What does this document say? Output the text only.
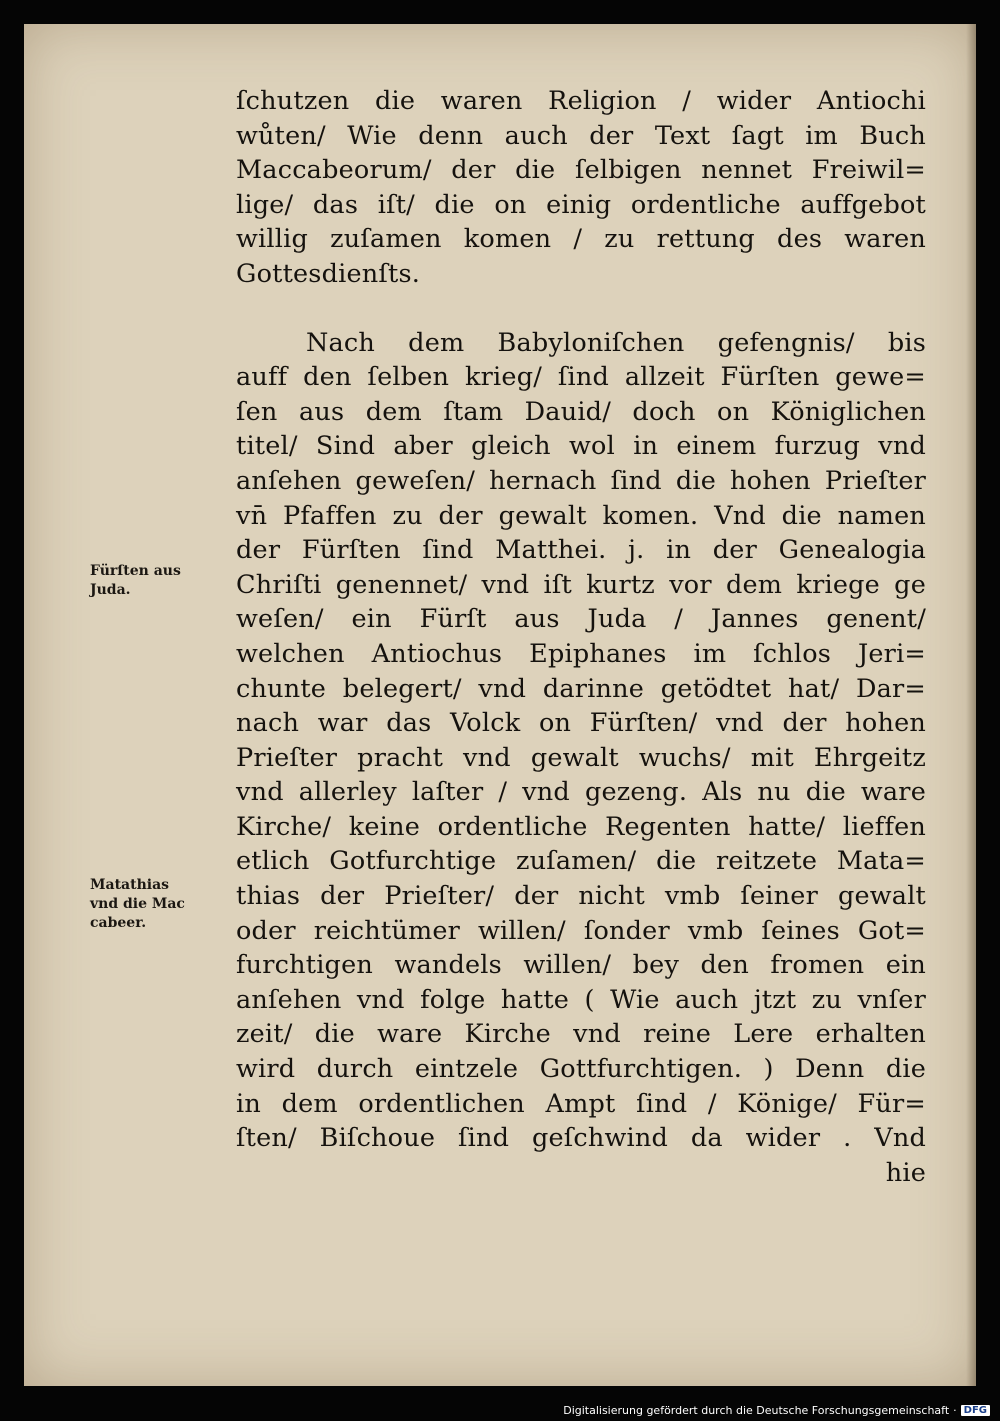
ſchutzen die waren Religion / wider Antiochi
wůten/ Wie denn auch der Text ſagt im Buch
Maccabeorum/ der die ſelbigen nennet Freiwil=
lige/ das iſt/ die on einig ordentliche auffgebot
willig zuſamen komen / zu rettung des waren
Gottesdienſts.
Nach dem Babyloniſchen gefengnis/ bis
auff den ſelben krieg/ ſind allzeit Fürſten gewe=
ſen aus dem ſtam Dauid/ doch on Königlichen
titel/ Sind aber gleich wol in einem furzug vnd
anſehen geweſen/ hernach ſind die hohen Prieſter
vn̄ Pfaffen zu der gewalt komen. Vnd die namen
der Fürſten ſind Matthei. j. in der Genealogia
Chriſti genennet/ vnd iſt kurtz vor dem kriege ge
weſen/ ein Fürſt aus Juda / Jannes genent/
welchen Antiochus Epiphanes im ſchlos Jeri=
chunte belegert/ vnd darinne getödtet hat/ Dar=
nach war das Volck on Fürſten/ vnd der hohen
Prieſter pracht vnd gewalt wuchs/ mit Ehrgeitz
vnd allerley laſter / vnd gezeng. Als nu die ware
Kirche/ keine ordentliche Regenten hatte/ lieffen
etlich Gotfurchtige zuſamen/ die reitzete Mata=
thias der Prieſter/ der nicht vmb ſeiner gewalt
oder reichtümer willen/ ſonder vmb ſeines Got=
furchtigen wandels willen/ bey den fromen ein
anſehen vnd folge hatte ( Wie auch jtzt zu vnſer
zeit/ die ware Kirche vnd reine Lere erhalten
wird durch eintzele Gottfurchtigen. ) Denn die
in dem ordentlichen Ampt ſind / Könige/ Für=
ſten/ Biſchoue ſind geſchwind da wider . Vnd
hie
Fürſten aus
Juda.
Matathias
vnd die Mac
cabeer.
Digitalisierung gefördert durch die Deutsche Forschungsgemeinschaft · DFG
